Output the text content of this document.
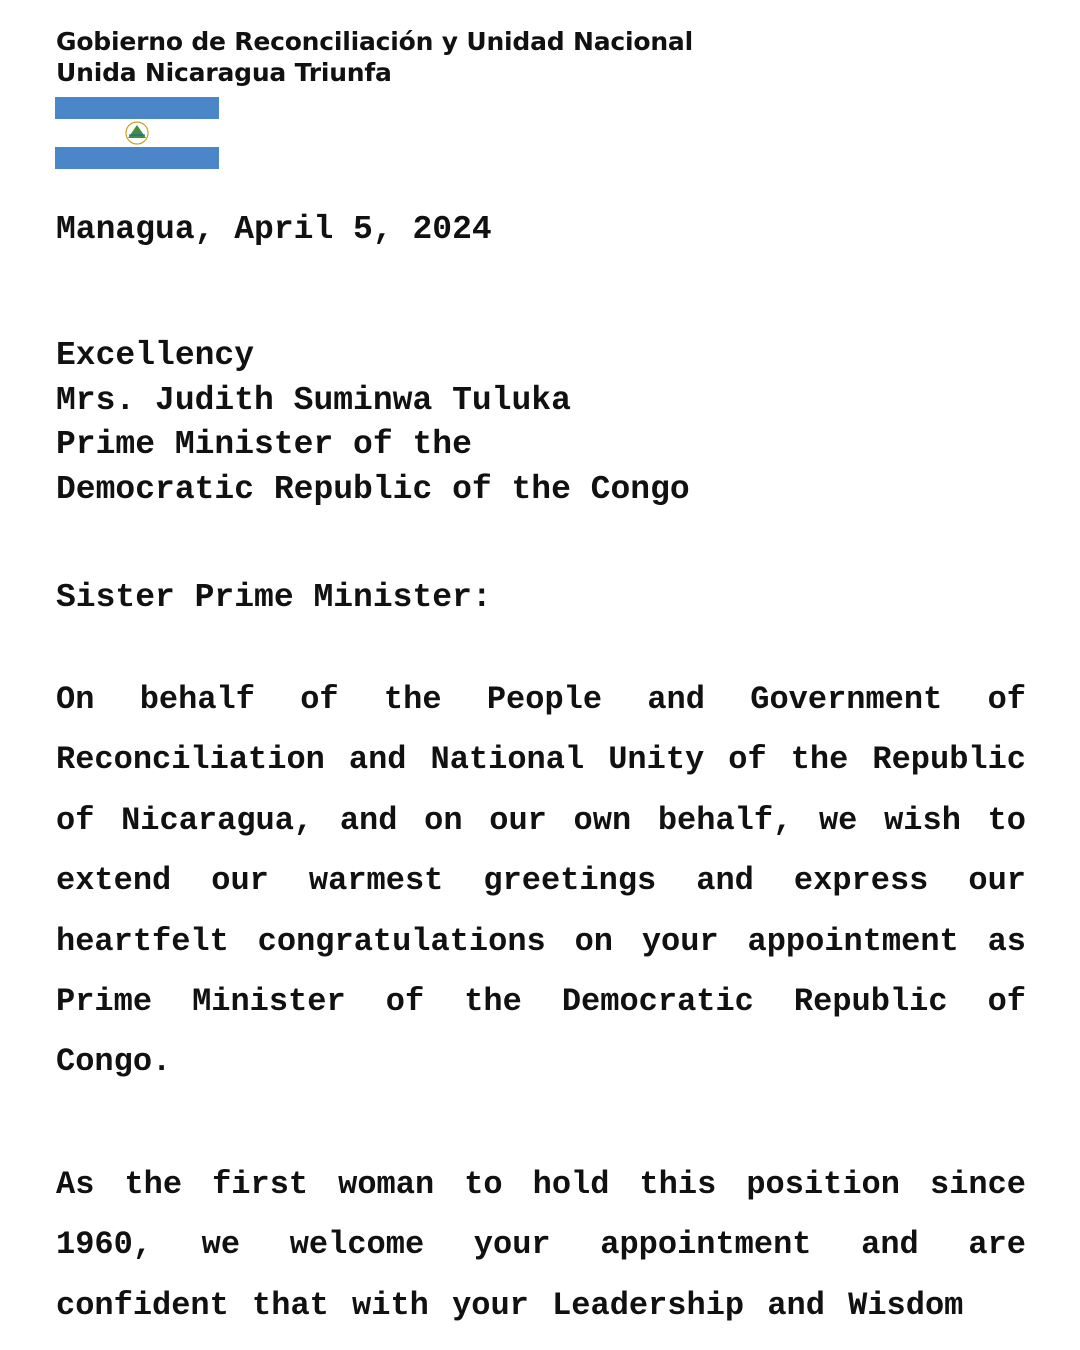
Gobierno de Reconciliación y Unidad Nacional
Unida Nicaragua Triunfa
Managua, April 5, 2024
Excellency
Mrs. Judith Suminwa Tuluka
Prime Minister of the
Democratic Republic of the Congo
Sister Prime Minister:

On behalf of the People and Government of Reconciliation and National Unity of the Republic of Nicaragua, and on our own behalf, we wish to extend our warmest greetings and express our heartfelt congratulations on your appointment as Prime Minister of the Democratic Republic of Congo.

As the first woman to hold this position since 1960, we welcome your appointment and are confident that with your Leadership and Wisdom
